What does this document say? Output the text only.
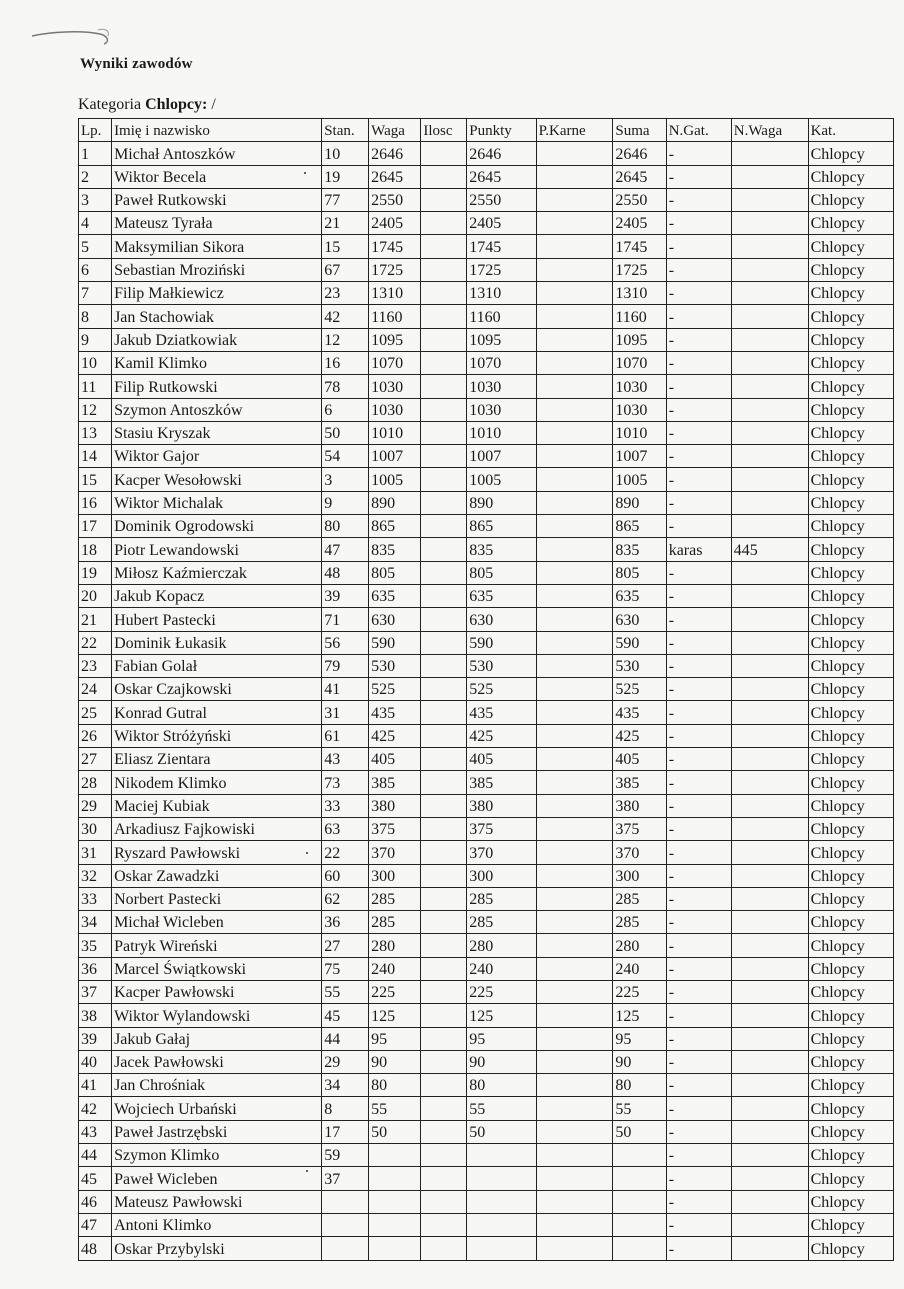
Wyniki zawodów
Kategoria Chlopcy: /
Lp.	Imię i nazwisko	Stan.	Waga	Ilosc	Punkty	P.Karne	Suma	N.Gat.	N.Waga	Kat.
1	Michał Antoszków	10	2646		2646		2646	-		Chlopcy
2	Wiktor Becela	19	2645		2645		2645	-		Chlopcy
3	Paweł Rutkowski	77	2550		2550		2550	-		Chlopcy
4	Mateusz Tyrała	21	2405		2405		2405	-		Chlopcy
5	Maksymilian Sikora	15	1745		1745		1745	-		Chlopcy
6	Sebastian Mroziński	67	1725		1725		1725	-		Chlopcy
7	Filip Małkiewicz	23	1310		1310		1310	-		Chlopcy
8	Jan Stachowiak	42	1160		1160		1160	-		Chlopcy
9	Jakub Dziatkowiak	12	1095		1095		1095	-		Chlopcy
10	Kamil Klimko	16	1070		1070		1070	-		Chlopcy
11	Filip Rutkowski	78	1030		1030		1030	-		Chlopcy
12	Szymon Antoszków	6	1030		1030		1030	-		Chlopcy
13	Stasiu Kryszak	50	1010		1010		1010	-		Chlopcy
14	Wiktor Gajor	54	1007		1007		1007	-		Chlopcy
15	Kacper Wesołowski	3	1005		1005		1005	-		Chlopcy
16	Wiktor Michalak	9	890		890		890	-		Chlopcy
17	Dominik Ogrodowski	80	865		865		865	-		Chlopcy
18	Piotr Lewandowski	47	835		835		835	karas	445	Chlopcy
19	Miłosz Kaźmierczak	48	805		805		805	-		Chlopcy
20	Jakub Kopacz	39	635		635		635	-		Chlopcy
21	Hubert Pastecki	71	630		630		630	-		Chlopcy
22	Dominik Łukasik	56	590		590		590	-		Chlopcy
23	Fabian Golał	79	530		530		530	-		Chlopcy
24	Oskar Czajkowski	41	525		525		525	-		Chlopcy
25	Konrad Gutral	31	435		435		435	-		Chlopcy
26	Wiktor Stróżyński	61	425		425		425	-		Chlopcy
27	Eliasz Zientara	43	405		405		405	-		Chlopcy
28	Nikodem Klimko	73	385		385		385	-		Chlopcy
29	Maciej Kubiak	33	380		380		380	-		Chlopcy
30	Arkadiusz Fajkowiski	63	375		375		375	-		Chlopcy
31	Ryszard Pawłowski	22	370		370		370	-		Chlopcy
32	Oskar Zawadzki	60	300		300		300	-		Chlopcy
33	Norbert Pastecki	62	285		285		285	-		Chlopcy
34	Michał Wicleben	36	285		285		285	-		Chlopcy
35	Patryk Wireński	27	280		280		280	-		Chlopcy
36	Marcel Świątkowski	75	240		240		240	-		Chlopcy
37	Kacper Pawłowski	55	225		225		225	-		Chlopcy
38	Wiktor Wylandowski	45	125		125		125	-		Chlopcy
39	Jakub Gałaj	44	95		95		95	-		Chlopcy
40	Jacek Pawłowski	29	90		90		90	-		Chlopcy
41	Jan Chrośniak	34	80		80		80	-		Chlopcy
42	Wojciech Urbański	8	55		55		55	-		Chlopcy
43	Paweł Jastrzębski	17	50		50		50	-		Chlopcy
44	Szymon Klimko	59						-		Chlopcy
45	Paweł Wicleben	37						-		Chlopcy
46	Mateusz Pawłowski							-		Chlopcy
47	Antoni Klimko							-		Chlopcy
48	Oskar Przybylski							-		Chlopcy
